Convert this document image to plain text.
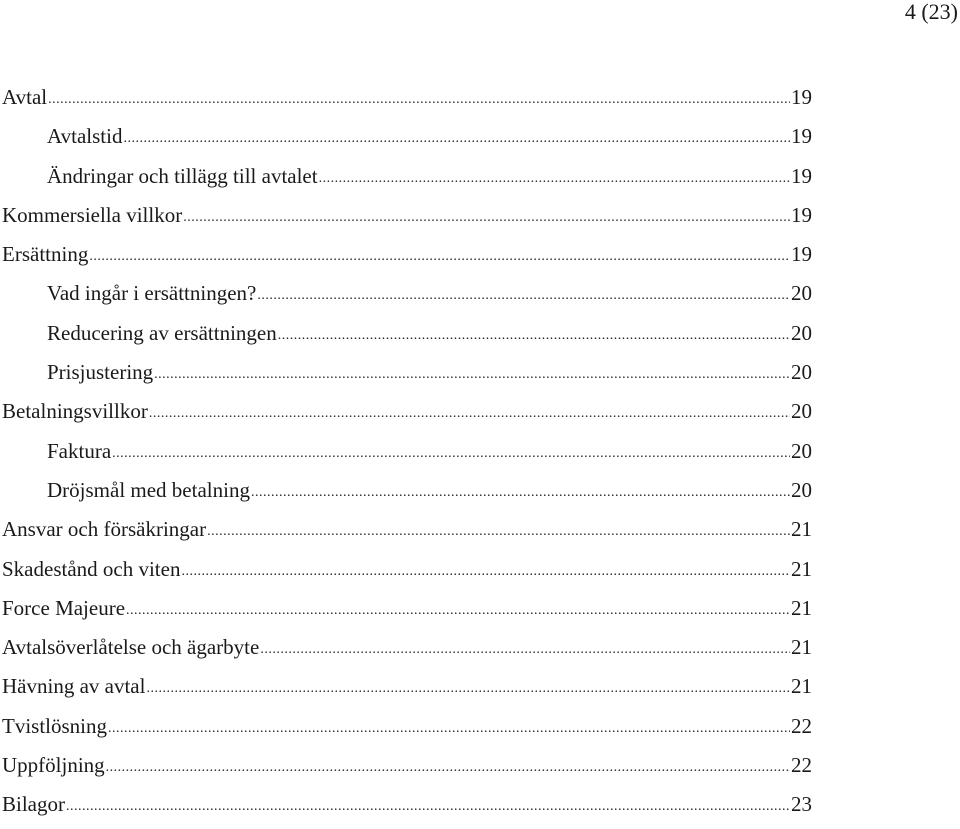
4 (23)
Avtal .....	19
Avtalstid .....	19
Ändringar och tillägg till avtalet .....	19
Kommersiella villkor .....	19
Ersättning .....	19
Vad ingår i ersättningen? .....	20
Reducering av ersättningen .....	20
Prisjustering .....	20
Betalningsvillkor .....	20
Faktura .....	20
Dröjsmål med betalning .....	20
Ansvar och försäkringar .....	21
Skadestånd och viten .....	21
Force Majeure .....	21
Avtalsöverlåtelse och ägarbyte .....	21
Hävning av avtal .....	21
Tvistlösning .....	22
Uppföljning .....	22
Bilagor .....	23
